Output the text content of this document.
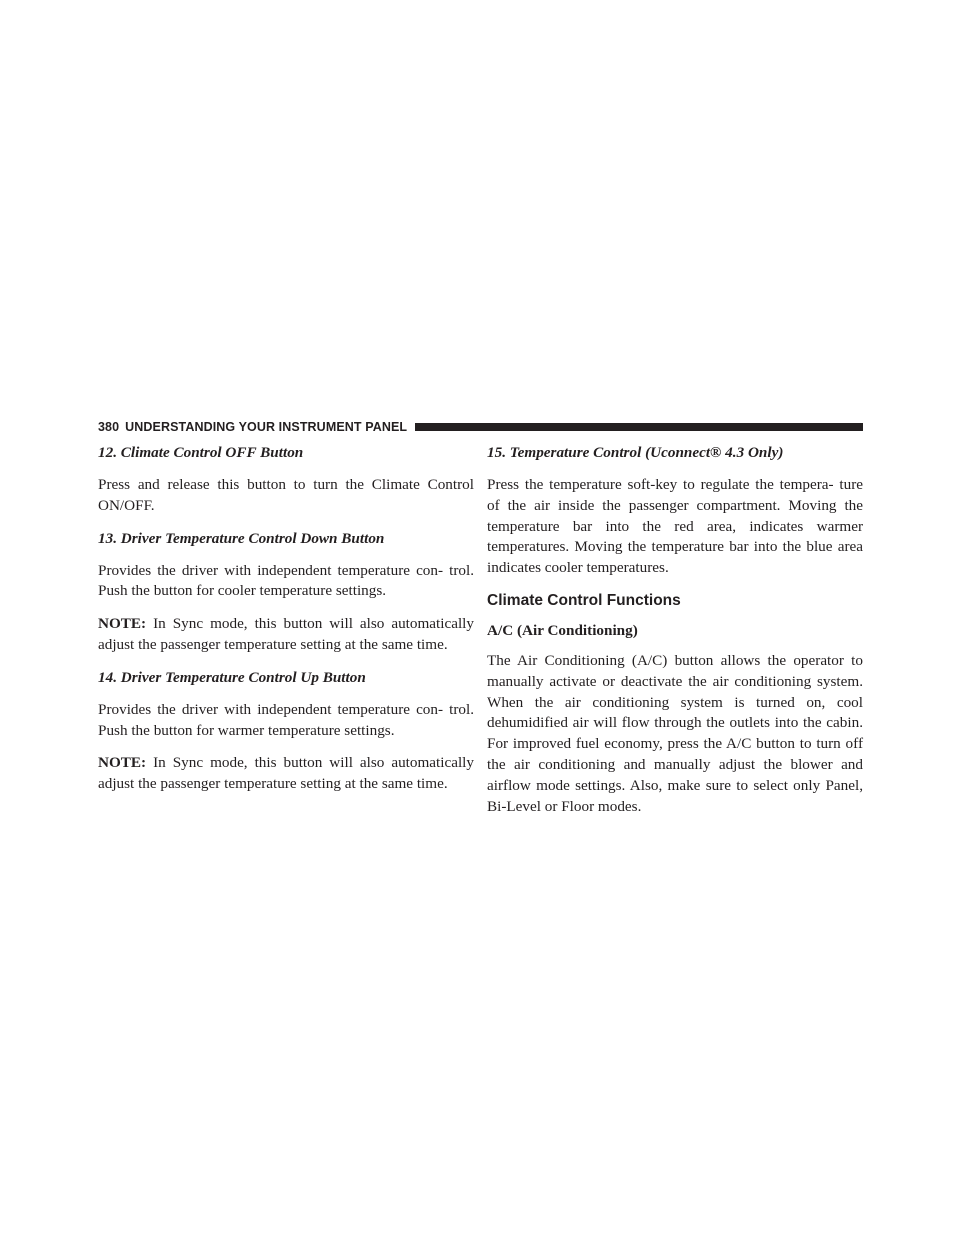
380 UNDERSTANDING YOUR INSTRUMENT PANEL

12. Climate Control OFF Button

Press and release this button to turn the Climate Control ON/OFF.

13. Driver Temperature Control Down Button

Provides the driver with independent temperature con- trol. Push the button for cooler temperature settings.

NOTE: In Sync mode, this button will also automatically adjust the passenger temperature setting at the same time.

14. Driver Temperature Control Up Button

Provides the driver with independent temperature con- trol. Push the button for warmer temperature settings.

NOTE: In Sync mode, this button will also automatically adjust the passenger temperature setting at the same time.

15. Temperature Control (Uconnect® 4.3 Only)

Press the temperature soft-key to regulate the tempera- ture of the air inside the passenger compartment. Moving the temperature bar into the red area, indicates warmer temperatures. Moving the temperature bar into the blue area indicates cooler temperatures.

Climate Control Functions

A/C (Air Conditioning)

The Air Conditioning (A/C) button allows the operator to manually activate or deactivate the air conditioning system. When the air conditioning system is turned on, cool dehumidified air will flow through the outlets into the cabin. For improved fuel economy, press the A/C button to turn off the air conditioning and manually adjust the blower and airflow mode settings. Also, make sure to select only Panel, Bi-Level or Floor modes.
